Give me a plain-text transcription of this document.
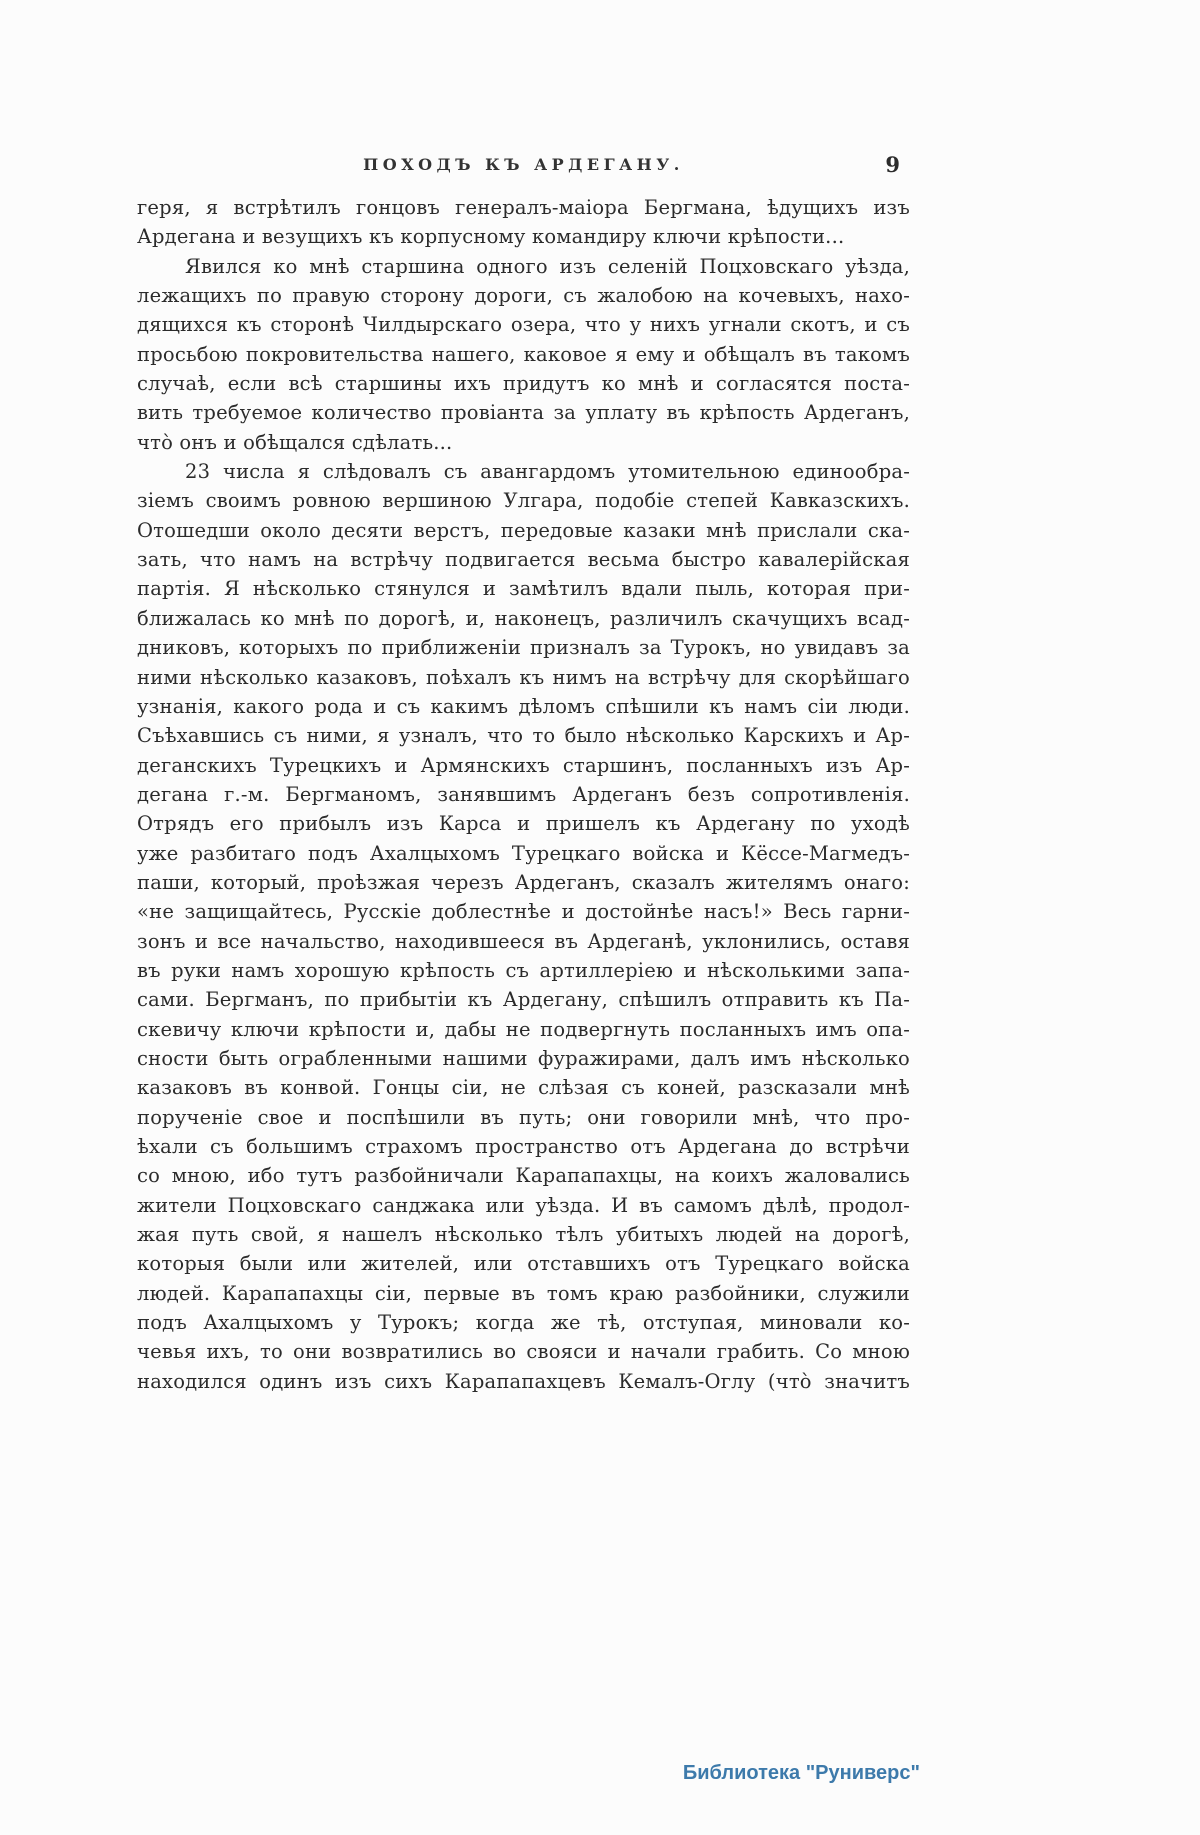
ПОХОДЪ КЪ АРДЕГАНУ.	9
геря, я встрѣтилъ гонцовъ генералъ-маіора Бергмана, ѣдущихъ изъ
Ардегана и везущихъ къ корпусному командиру ключи крѣпости...
Явился ко мнѣ старшина одного изъ селеній Поцховскаго уѣзда,
лежащихъ по правую сторону дороги, съ жалобою на кочевыхъ, нахо-
дящихся къ сторонѣ Чилдырскаго озера, что у нихъ угнали скотъ, и съ
просьбою покровительства нашего, каковое я ему и обѣщалъ въ такомъ
случаѣ, если всѣ старшины ихъ придутъ ко мнѣ и согласятся поста-
вить требуемое количество провіанта за уплату въ крѣпость Ардеганъ,
что̀ онъ и обѣщался сдѣлать...
23 числа я слѣдовалъ съ авангардомъ утомительною единообра-
зіемъ своимъ ровною вершиною Улгара, подобіе степей Кавказскихъ.
Отошедши около десяти верстъ, передовые казаки мнѣ прислали ска-
зать, что намъ на встрѣчу подвигается весьма быстро кавалерійская
партія. Я нѣсколько стянулся и замѣтилъ вдали пыль, которая при-
ближалась ко мнѣ по дорогѣ, и, наконецъ, различилъ скачущихъ всад-
дниковъ, которыхъ по приближеніи призналъ за Турокъ, но увидавъ за
ними нѣсколько казаковъ, поѣхалъ къ нимъ на встрѣчу для скорѣйшаго
узнанія, какого рода и съ какимъ дѣломъ спѣшили къ намъ сіи люди.
Съѣхавшись съ ними, я узналъ, что то было нѣсколько Карскихъ и Ар-
деганскихъ Турецкихъ и Армянскихъ старшинъ, посланныхъ изъ Ар-
дегана г.-м. Бергманомъ, занявшимъ Ардеганъ безъ сопротивленія.
Отрядъ его прибылъ изъ Карса и пришелъ къ Ардегану по уходѣ
уже разбитаго подъ Ахалцыхомъ Турецкаго войска и Кёссе-Магмедъ-
паши, который, проѣзжая черезъ Ардеганъ, сказалъ жителямъ онаго:
«не защищайтесь, Русскіе доблестнѣе и достойнѣе насъ!» Весь гарни-
зонъ и все начальство, находившееся въ Ардеганѣ, уклонились, оставя
въ руки намъ хорошую крѣпость съ артиллеріею и нѣсколькими запа-
сами. Бергманъ, по прибытіи къ Ардегану, спѣшилъ отправить къ Па-
скевичу ключи крѣпости и, дабы не подвергнуть посланныхъ имъ опа-
сности быть ограбленными нашими фуражирами, далъ имъ нѣсколько
казаковъ въ конвой. Гонцы сіи, не слѣзая съ коней, разсказали мнѣ
порученіе свое и поспѣшили въ путь; они говорили мнѣ, что про-
ѣхали съ большимъ страхомъ пространство отъ Ардегана до встрѣчи
со мною, ибо тутъ разбойничали Карапапахцы, на коихъ жаловались
жители Поцховскаго санджака или уѣзда. И въ самомъ дѣлѣ, продол-
жая путь свой, я нашелъ нѣсколько тѣлъ убитыхъ людей на дорогѣ,
которыя были или жителей, или отставшихъ отъ Турецкаго войска
людей. Карапапахцы сіи, первые въ томъ краю разбойники, служили
подъ Ахалцыхомъ у Турокъ; когда же тѣ, отступая, миновали ко-
чевья ихъ, то они возвратились во свояси и начали грабить. Со мною
находился одинъ изъ сихъ Карапапахцевъ Кемалъ-Оглу (что̀ значитъ
Библиотека "Руниверс"
